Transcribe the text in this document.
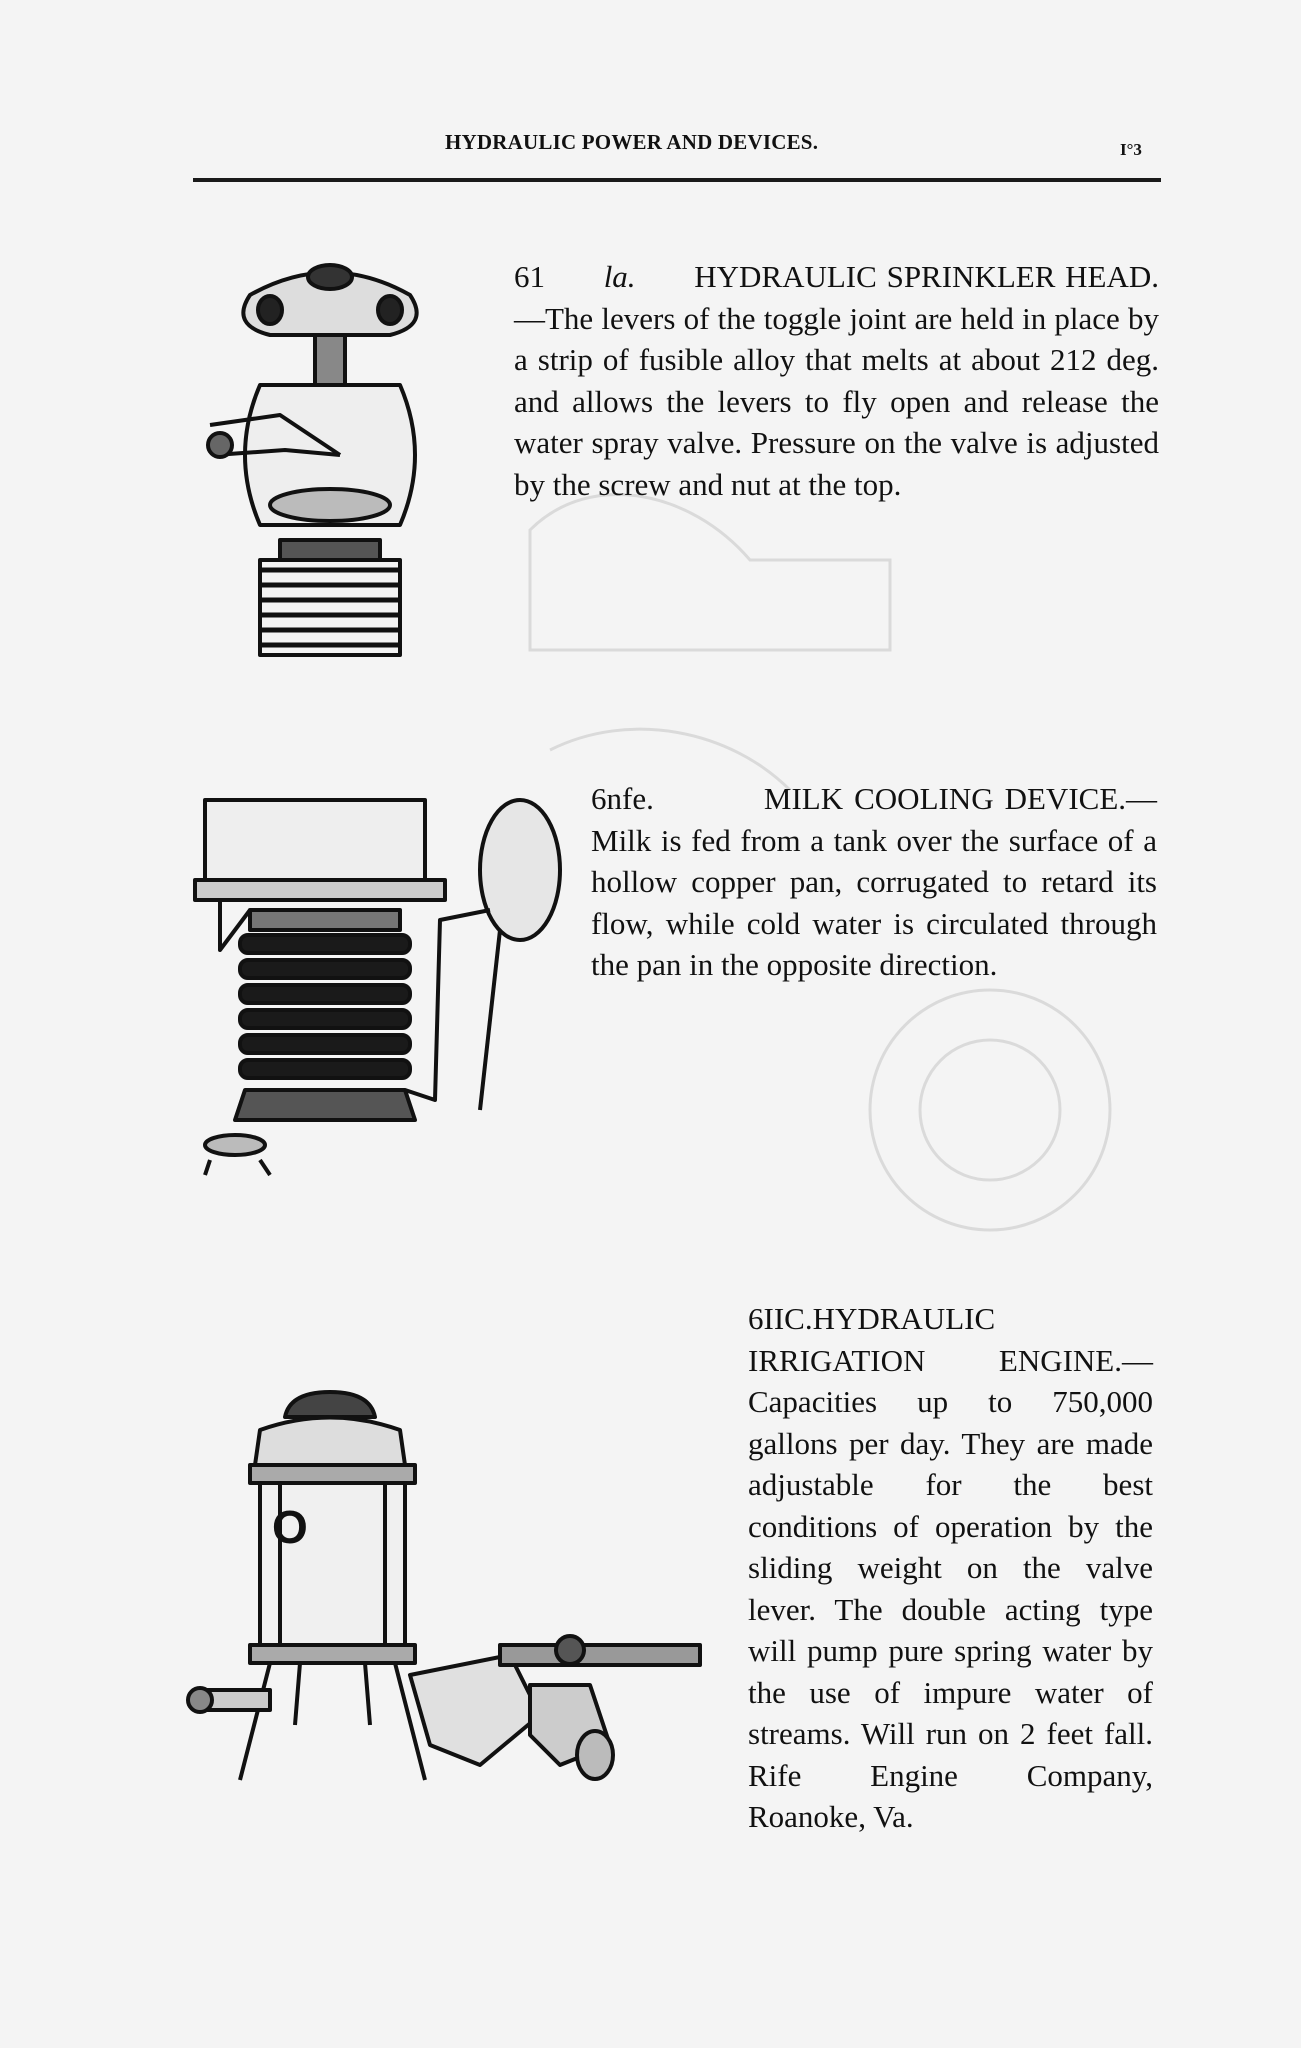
HYDRAULIC POWER AND DEVICES.	I°3
O
61 la. HYDRAULIC SPRINKLER HEAD.—The levers of the toggle joint are held in place by a strip of fusible alloy that melts at about 212 deg. and allows the levers to fly open and release the water spray valve. Pressure on the valve is adjusted by the screw and nut at the top.
6nfe.	MILK COOLING DEVICE.—Milk is fed from a tank over the surface of a hollow copper pan, corrugated to retard its flow, while cold water is circulated through the pan in the opposite direction.
6IIC.HYDRAULIC IRRIGATION ENGINE.—Capacities up to 750,000 gallons per day. They are made adjustable for the best conditions of operation by the sliding weight on the valve lever. The double acting type will pump pure spring water by the use of impure water of streams. Will run on 2 feet fall. Rife Engine Company, Roanoke, Va.
